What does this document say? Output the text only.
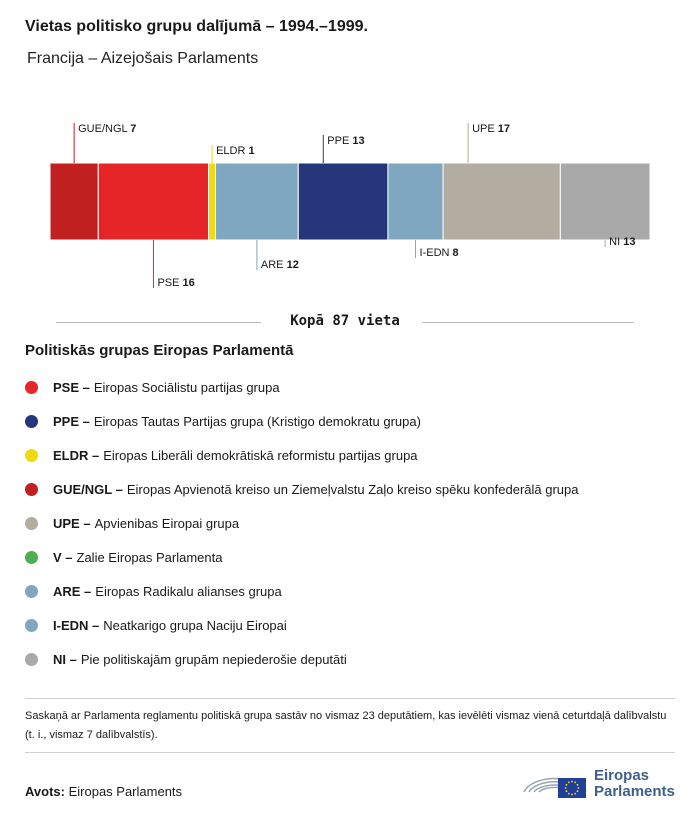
Vietas politisko grupu dalījumā – 1994.–1999.

Francija – Aizejošais Parlaments

GUE/NGL 7
PSE 16
ELDR 1
ARE 12
PPE 13
I-EDN 8
UPE 17
NI 13
Kopā 87 vieta
Politiskās grupas Eiropas Parlamentā
PSE – Eiropas Sociālistu partijas grupa
PPE – Eiropas Tautas Partijas grupa (Kristigo demokratu grupa)
ELDR – Eiropas Liberāli demokrātiskā reformistu partijas grupa
GUE/NGL – Eiropas Apvienotā kreiso un Ziemeļvalstu Zaļo kreiso spēku konfederālā grupa
UPE – Apvienibas Eiropai grupa
V – Zalie Eiropas Parlamenta
ARE – Eiropas Radikalu alianses grupa
I-EDN – Neatkarigo grupa Naciju Eiropai
NI – Pie politiskajām grupām nepiederošie deputāti

Saskaņā ar Parlamenta reglamentu politiskā grupa sastāv no vismaz 23 deputātiem, kas ievēlēti vismaz vienā ceturtdaļā dalībvalstu (t. i., vismaz 7 dalībvalstīs).

Avots: Eiropas Parlaments

Eiropas
Parlaments
